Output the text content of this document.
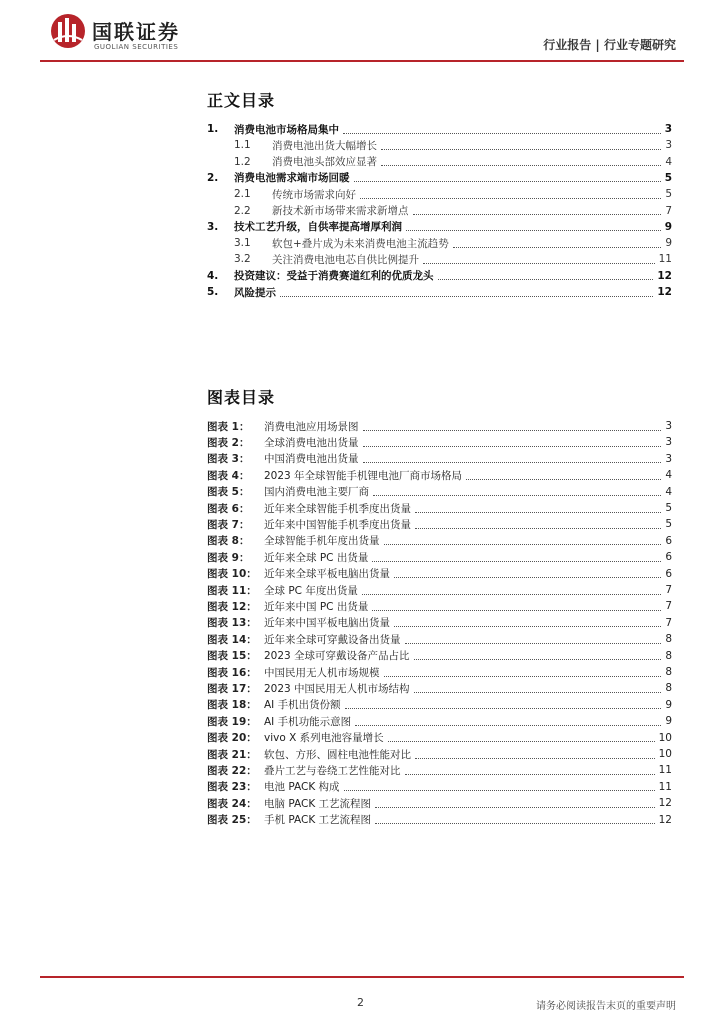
国联证券
GUOLIAN SECURITIES	行业报告 | 行业专题研究
正文目录
1.	消费电池市场格局集中	3
1.1	消费电池出货大幅增长	3
1.2	消费电池头部效应显著	4
2.	消费电池需求端市场回暖	5
2.1	传统市场需求向好	5
2.2	新技术新市场带来需求新增点	7
3.	技术工艺升级，自供率提高增厚利润	9
3.1	软包+叠片成为未来消费电池主流趋势	9
3.2	关注消费电池电芯自供比例提升	11
4.	投资建议：受益于消费赛道红利的优质龙头	12
5.	风险提示	12
图表目录
图表 1：	消费电池应用场景图	3
图表 2：	全球消费电池出货量	3
图表 3：	中国消费电池出货量	3
图表 4：	2023 年全球智能手机锂电池厂商市场格局	4
图表 5：	国内消费电池主要厂商	4
图表 6：	近年来全球智能手机季度出货量	5
图表 7：	近年来中国智能手机季度出货量	5
图表 8：	全球智能手机年度出货量	6
图表 9：	近年来全球 PC 出货量	6
图表 10： 近年来全球平板电脑出货量	6
图表 11： 全球 PC 年度出货量	7
图表 12： 近年来中国 PC 出货量	7
图表 13： 近年来中国平板电脑出货量	7
图表 14： 近年来全球可穿戴设备出货量	8
图表 15： 2023 全球可穿戴设备产品占比	8
图表 16： 中国民用无人机市场规模	8
图表 17： 2023 中国民用无人机市场结构	8
图表 18： AI 手机出货份额	9
图表 19： AI 手机功能示意图	9
图表 20： vivo X 系列电池容量增长	10
图表 21： 软包、方形、圆柱电池性能对比	10
图表 22： 叠片工艺与卷绕工艺性能对比	11
图表 23： 电池 PACK 构成	11
图表 24： 电脑 PACK 工艺流程图	12
图表 25： 手机 PACK 工艺流程图	12
2	请务必阅读报告末页的重要声明
